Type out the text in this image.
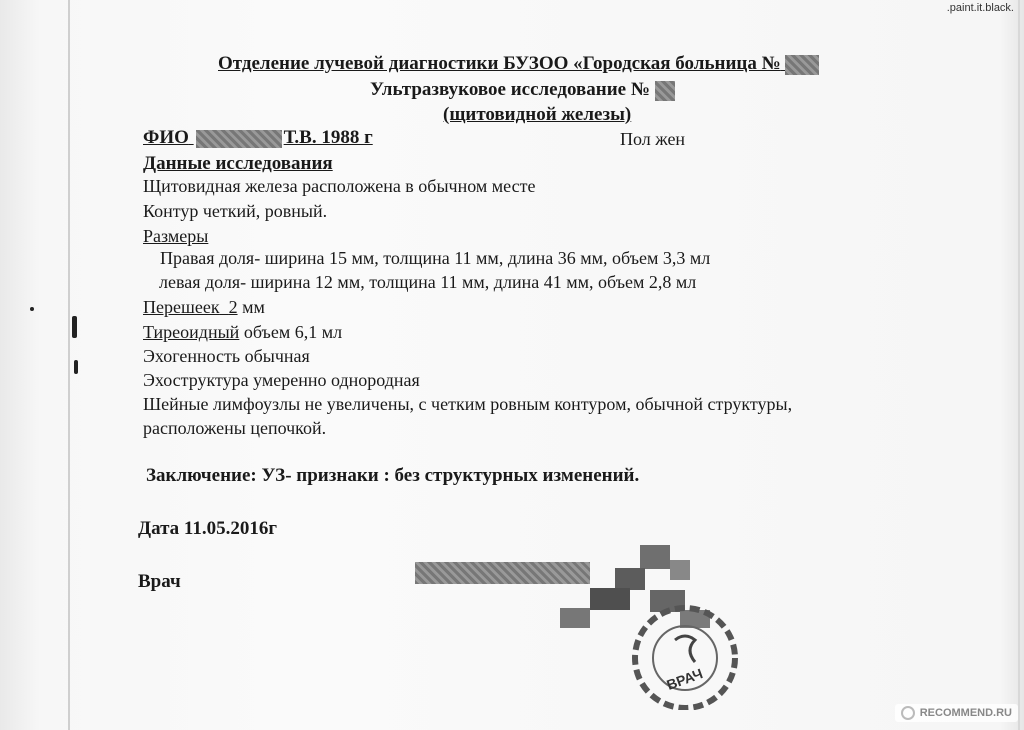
.paint.it.black.
Отделение лучевой диагностики БУЗОО «Городская больница №
Ультразвуковое исследование №
(щитовидной железы)
ФИО	Т.В. 1988 г	Пол жен
Данные исследования
Щитовидная железа расположена в обычном месте
Контур четкий, ровный.
Размеры
Правая доля- ширина 15 мм, толщина 11 мм, длина 36 мм, объем 3,3 мл
левая доля- ширина 12 мм, толщина 11 мм, длина 41 мм, объем 2,8 мл
Перешеек 2 мм
Тиреоидный объем 6,1 мл
Эхогенность обычная
Эхоструктура умеренно однородная
Шейные лимфоузлы не увеличены, с четким ровным контуром, обычной структуры,
расположены цепочкой.
Заключение: УЗ- признаки : без структурных изменений.
Дата 11.05.2016г
Врач
ВРАЧ
RECOMMEND.RU
